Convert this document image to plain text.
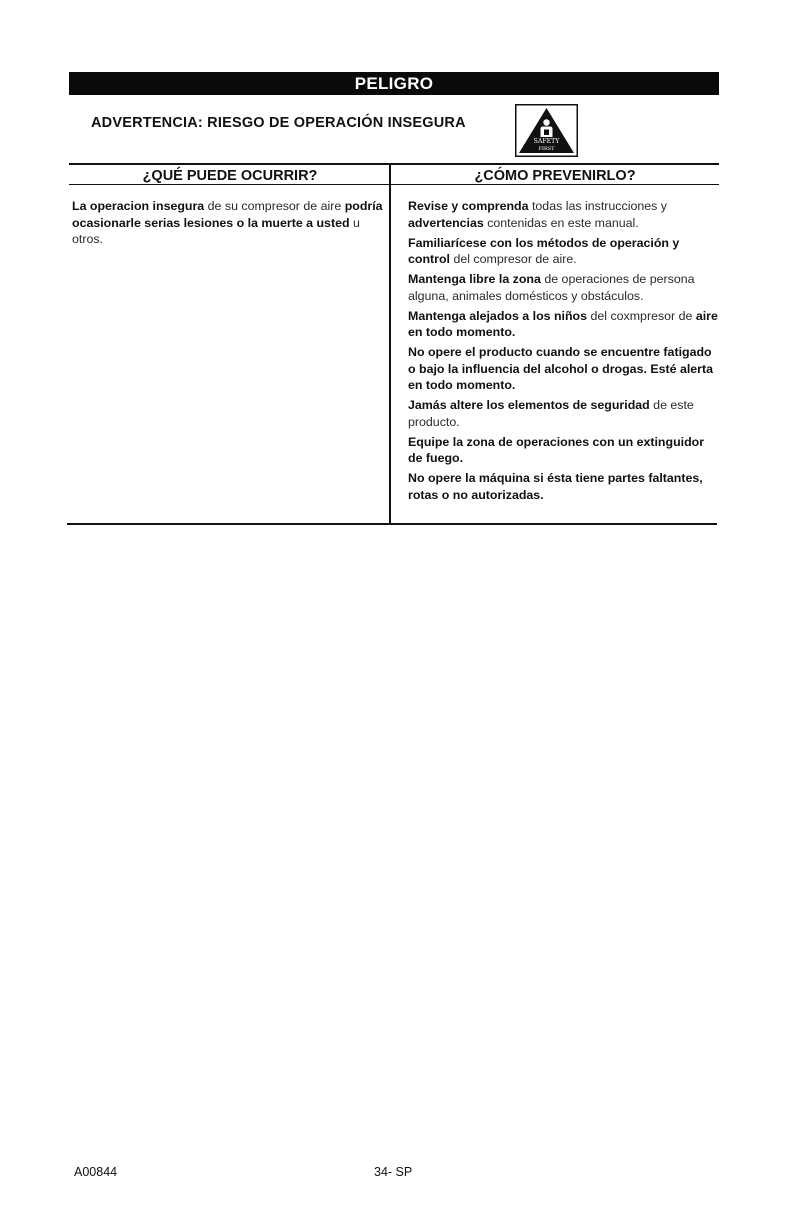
PELIGRO
ADVERTENCIA: RIESGO DE OPERACIÓN INSEGURA
SAFETY
FIRST
¿QUÉ PUEDE OCURRIR?	¿CÓMO PREVENIRLO?

La operacion insegura de su compresor de aire podría ocasionarle serias lesiones o la muerte a usted u otros.

Revise y comprenda todas las instrucciones y advertencias contenidas en este manual.

Familiarícese con los métodos de operación y control del compresor de aire.

Mantenga libre la zona de operaciones de persona alguna, animales domésticos y obstáculos.

Mantenga alejados a los niños del coxmpresor de aire en todo momento.

No opere el producto cuando se encuentre fatigado o bajo la influencia del alcohol o drogas. Esté alerta en todo momento.

Jamás altere los elementos de seguridad de este producto.

Equipe la zona de operaciones con un extinguidor de fuego.

No opere la máquina si ésta tiene partes faltantes, rotas o no autorizadas.

A00844	34- SP
